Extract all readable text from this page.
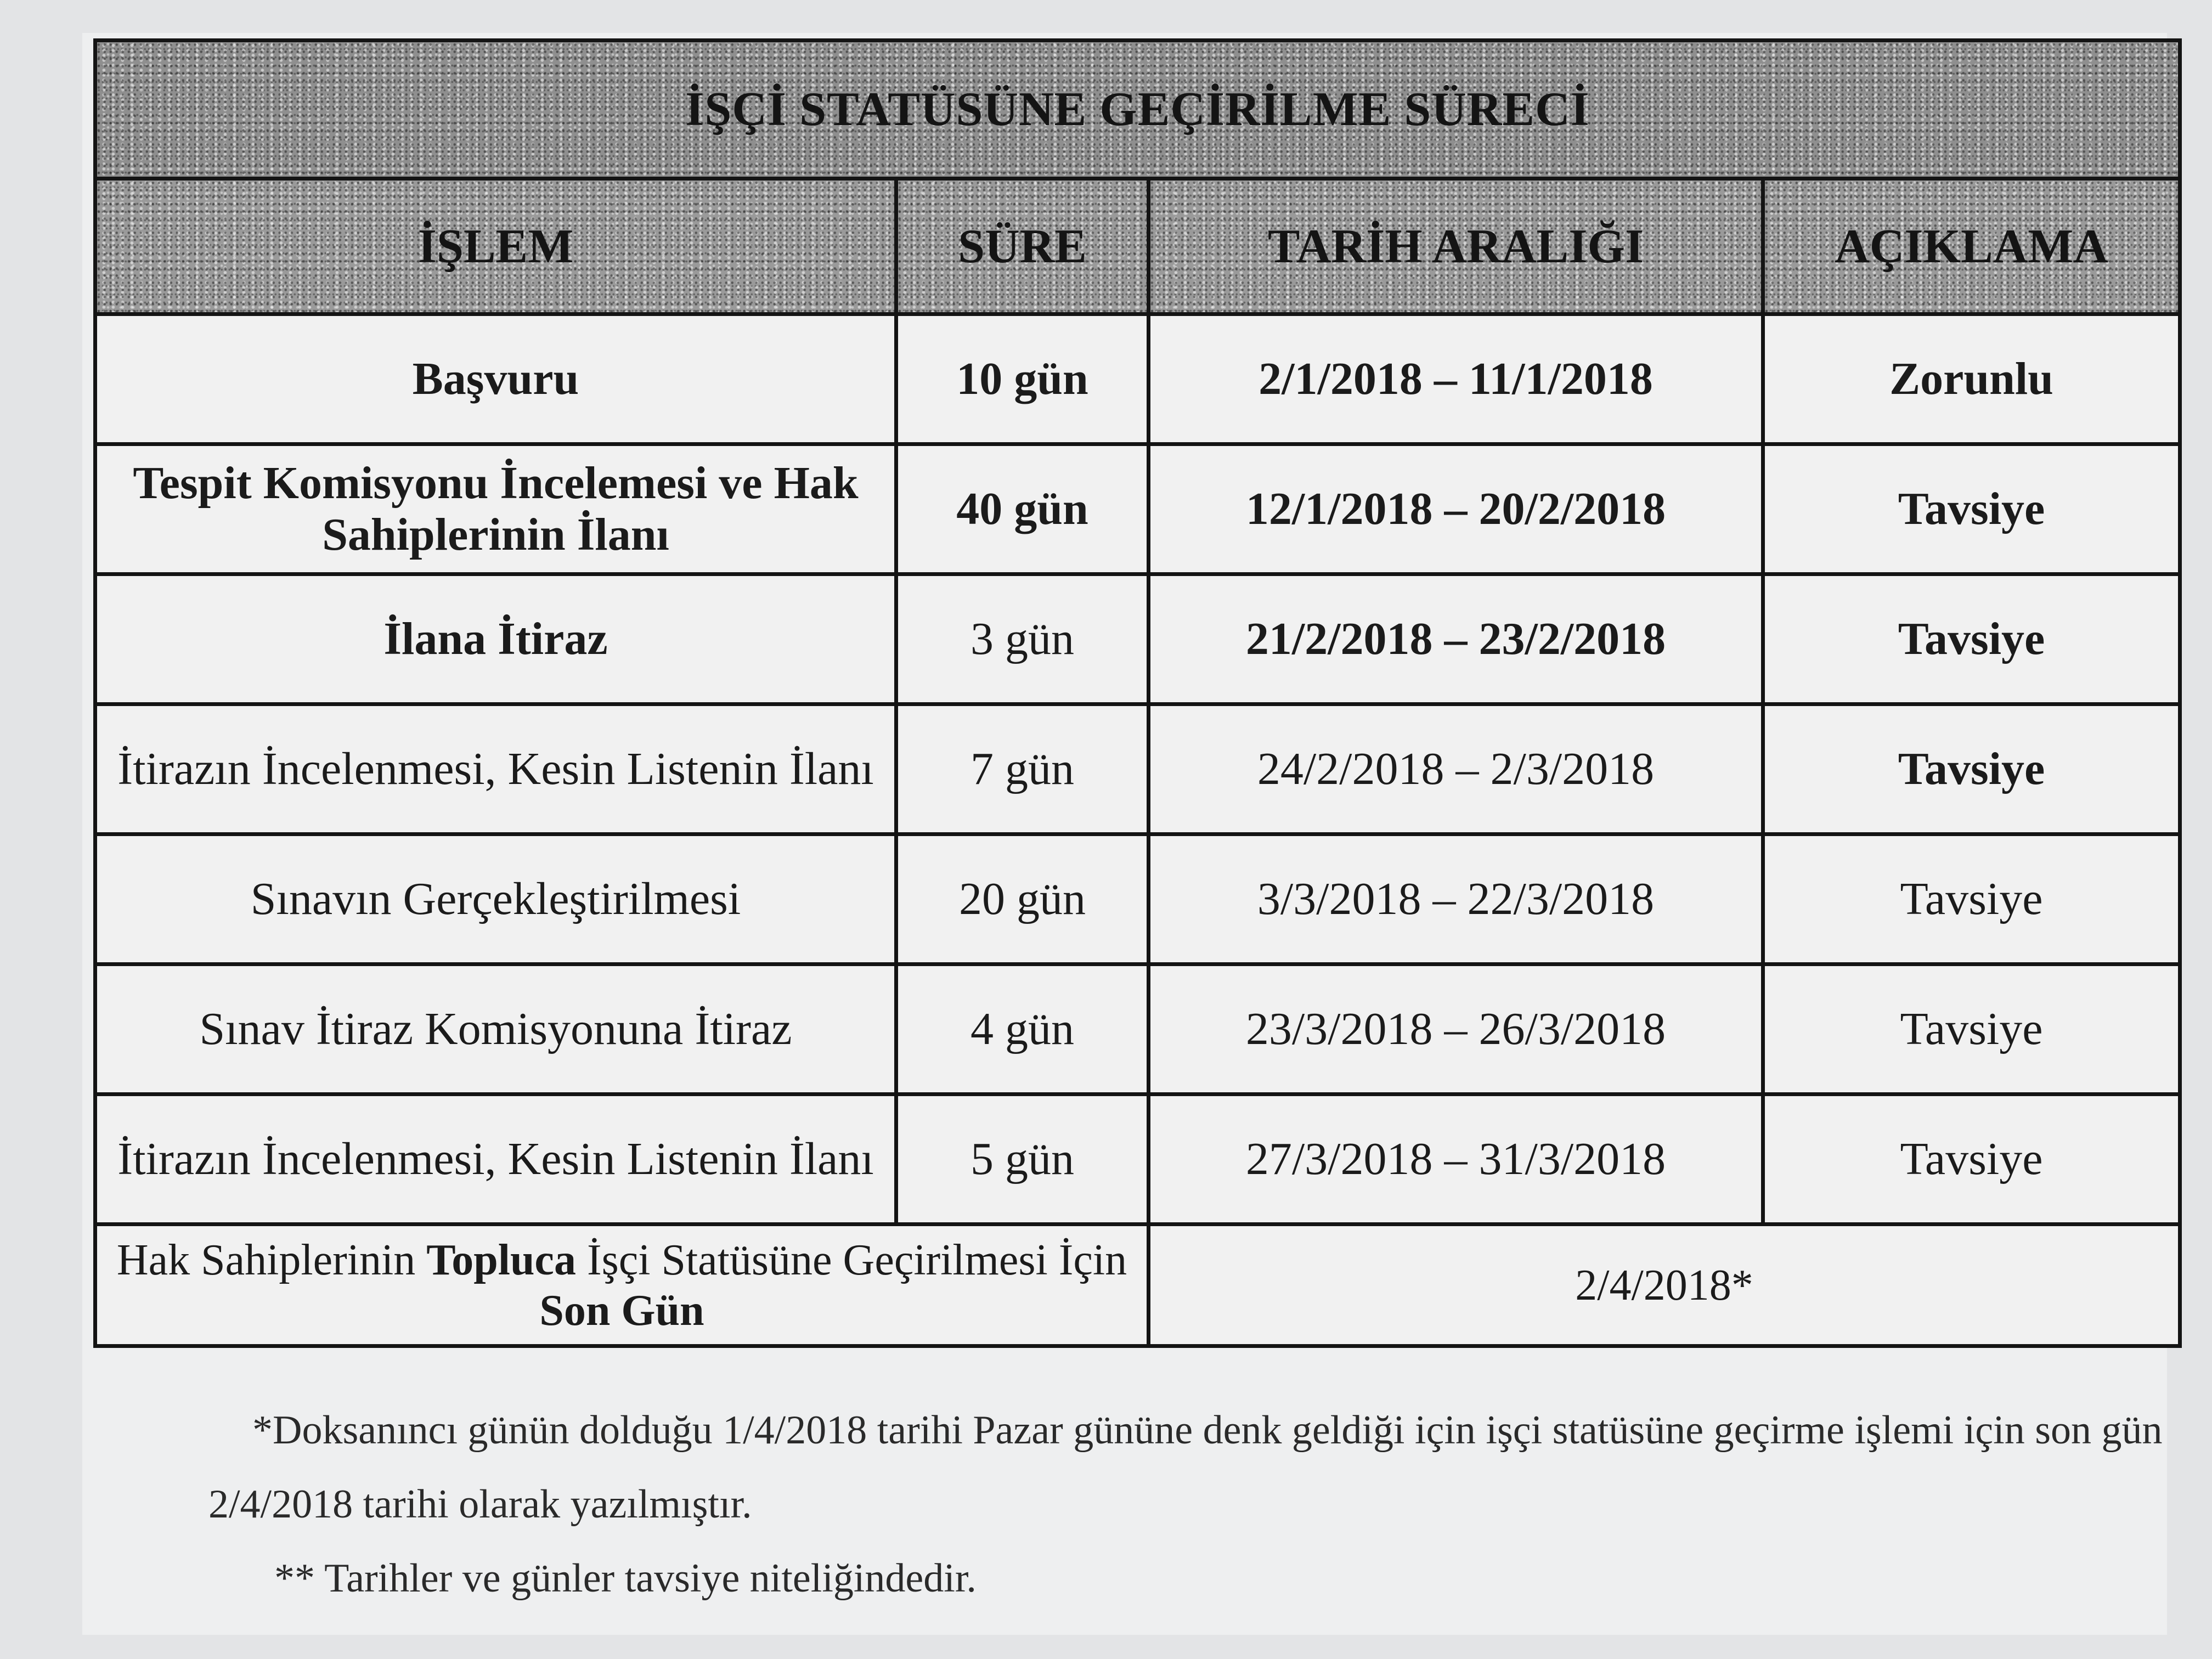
İŞÇİ STATÜSÜNE GEÇİRİLME SÜRECİ			
İŞLEM	SÜRE	TARİH ARALIĞI	AÇIKLAMA
Başvuru	10 gün	2/1/2018 – 11/1/2018	Zorunlu
Tespit Komisyonu İncelemesi ve Hak Sahiplerinin İlanı	40 gün	12/1/2018 – 20/2/2018	Tavsiye
İlana İtiraz	3 gün	21/2/2018 – 23/2/2018	Tavsiye
İtirazın İncelenmesi, Kesin Listenin İlanı	7 gün	24/2/2018 – 2/3/2018	Tavsiye
Sınavın Gerçekleştirilmesi	20 gün	3/3/2018 – 22/3/2018	Tavsiye
Sınav İtiraz Komisyonuna İtiraz	4 gün	23/3/2018 – 26/3/2018	Tavsiye
İtirazın İncelenmesi, Kesin Listenin İlanı	5 gün	27/3/2018 – 31/3/2018	Tavsiye
Hak Sahiplerinin Topluca İşçi Statüsüne Geçirilmesi İçin Son Gün		2/4/2018*	
*Doksanıncı günün dolduğu 1/4/2018 tarihi Pazar gününe denk geldiği için işçi statüsüne geçirme işlemi için son gün 2/4/2018 tarihi olarak yazılmıştır.
** Tarihler ve günler tavsiye niteliğindedir.
